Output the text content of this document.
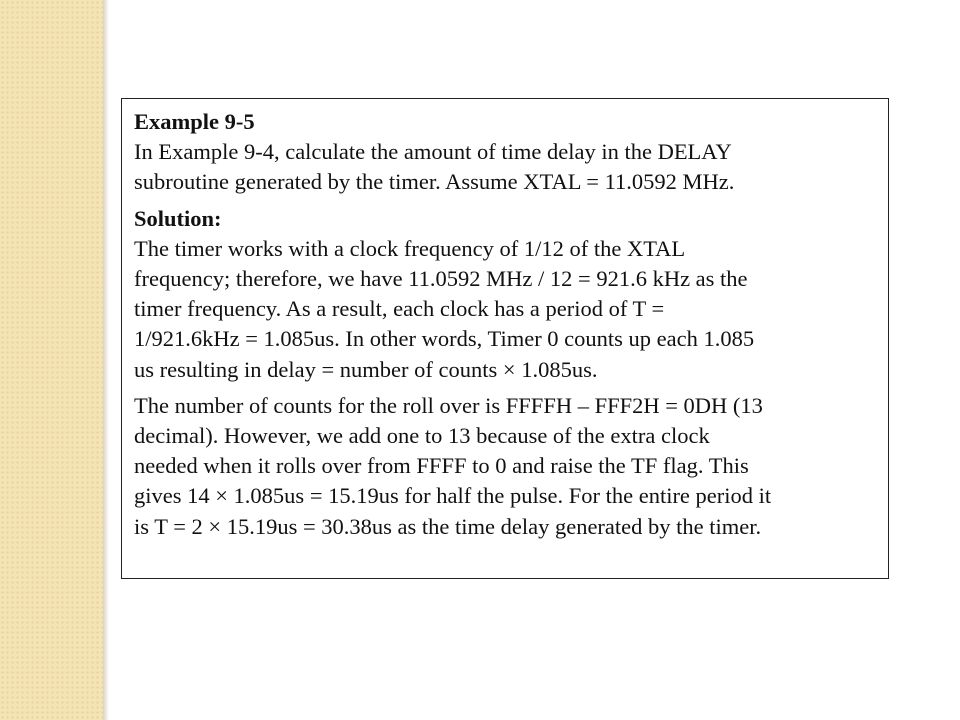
Example 9-5

In Example 9-4, calculate the amount of time delay in the DELAY

subroutine generated by the timer. Assume XTAL = 11.0592 MHz.

Solution:

The timer works with a clock frequency of 1/12 of the XTAL

frequency; therefore, we have 11.0592 MHz / 12 = 921.6 kHz as the

timer frequency. As a result, each clock has a period of T =

1/921.6kHz = 1.085us. In other words, Timer 0 counts up each 1.085

us resulting in delay = number of counts × 1.085us.

The number of counts for the roll over is FFFFH – FFF2H = 0DH (13

decimal). However, we add one to 13 because of the extra clock

needed when it rolls over from FFFF to 0 and raise the TF flag. This

gives 14 × 1.085us = 15.19us for half the pulse. For the entire period it

is T = 2 × 15.19us = 30.38us as the time delay generated by the timer.
